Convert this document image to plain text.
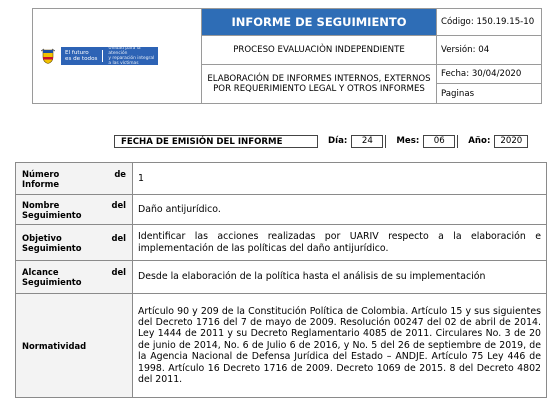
El futuro
es de todos
Unidad para la atención
y reparación integral
a las víctimas	INFORME DE SEGUIMIENTO	Código: 150.19.15-10
	PROCESO EVALUACIÒN INDEPENDIENTE	Versión: 04
	ELABORACIÓN DE INFORMES INTERNOS, EXTERNOS POR REQUERIMIENTO LEGAL Y OTROS INFORMES	Fecha: 30/04/2020
		Paginas
FECHA DE EMISIÓN DEL INFORME	Día:	24	Mes:	06	Año:	2020
Número de
Informe	1

Nombre del
Seguimiento	Daño antijurídico.

Objetivo del
Seguimiento	Identificar las acciones realizadas por UARIV respecto a la elaboración e implementación de las políticas del daño antijurídico.

Alcance del
Seguimiento	Desde la elaboración de la política hasta el análisis de su implementación
Normatividad	Artículo 90 y 209 de la Constitución Política de Colombia. Artículo 15 y sus siguientes del Decreto 1716 del 7 de mayo de 2009. Resolución 00247 del 02 de abril de 2014. Ley 1444 de 2011 y su Decreto Reglamentario 4085 de 2011. Circulares No. 3 de 20 de junio de 2014, No. 6 de Julio 6 de 2016, y No. 5 del 26 de septiembre de 2019, de la Agencia Nacional de Defensa Jurídica del Estado – ANDJE. Artículo 75 Ley 446 de 1998. Artículo 16 Decreto 1716 de 2009. Decreto 1069 de 2015. 8 del Decreto 4802 del 2011.
